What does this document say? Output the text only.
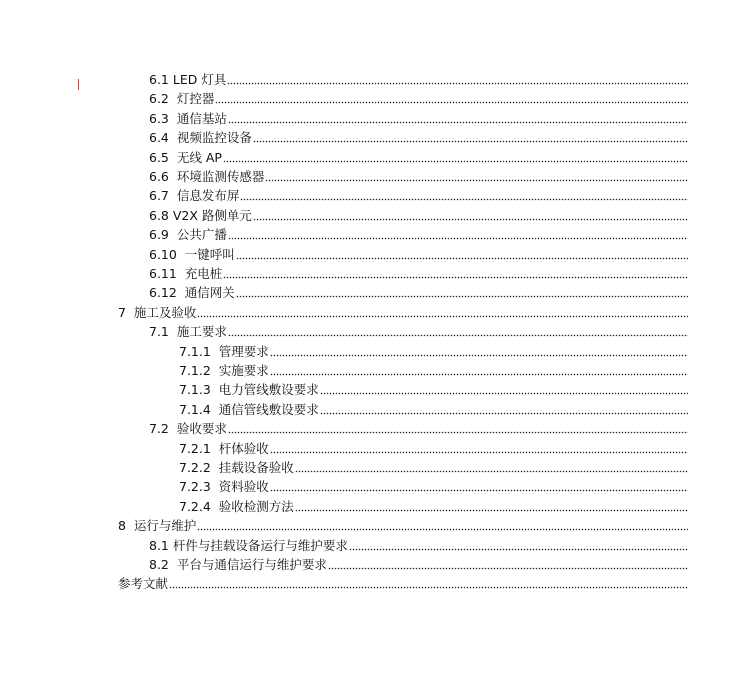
6.1
LED 灯具
6.2
灯控器
6.3
通信基站
6.4
视频监控设备
6.5
无线 AP
6.6
环境监测传感器
6.7
信息发布屏
6.8
V2X 路侧单元
6.9
公共广播
6.10
一键呼叫
6.11
充电桩
6.12
通信网关
7
施工及验收
7.1
施工要求
7.1.1
管理要求
7.1.2
实施要求
7.1.3
电力管线敷设要求
7.1.4
通信管线敷设要求
7.2
验收要求
7.2.1
杆体验收
7.2.2
挂载设备验收
7.2.3
资料验收
7.2.4
验收检测方法
8
运行与维护
8.1
杆件与挂载设备运行与维护要求
8.2
平台与通信运行与维护要求
参考文献
